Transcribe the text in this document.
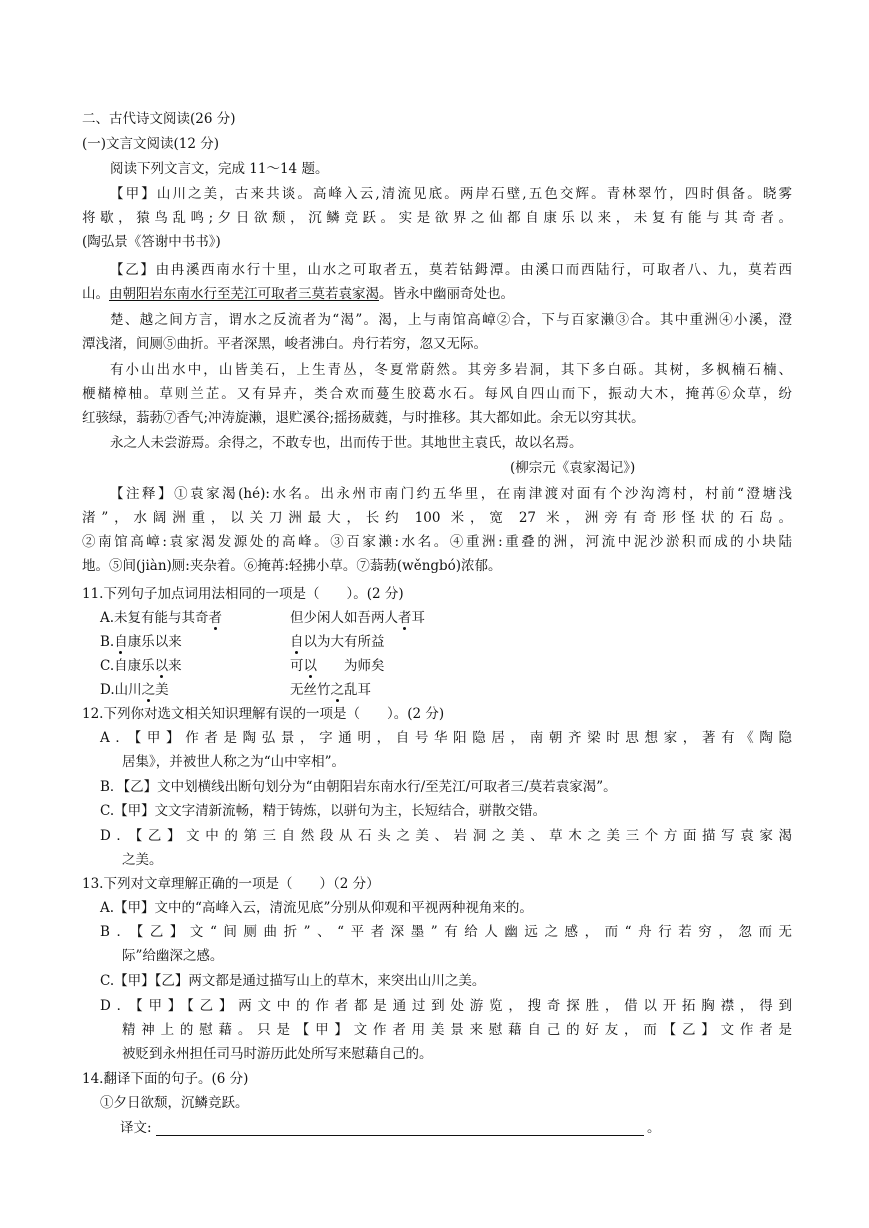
二、古代诗文阅读(26 分)
(一)文言文阅读(12 分)
阅读下列文言文，完成 11～14 题。
【甲】山川之美，古来共谈。高峰入云,清流见底。两岸石壁,五色交辉。青林翠竹，四时俱备。晓雾
将歇，猿鸟乱鸣;夕日欲颓，沉鳞竞跃。实是欲界之仙都自康乐以来，未复有能与其奇者。
(陶弘景《答谢中书书》)
【乙】由冉溪西南水行十里，山水之可取者五，莫若钴鉧潭。由溪口而西陆行，可取者八、九，莫若西
山。由朝阳岩东南水行至芜江可取者三莫若袁家渴。皆永中幽丽奇处也。
楚、越之间方言，谓水之反流者为“渴”。渴，上与南馆高嶂②合，下与百家濑③合。其中重洲④小溪，澄
潭浅渚，间厕⑤曲折。平者深黑，峻者沸白。舟行若穷，忽又无际。
有小山出水中，山皆美石，上生青丛，冬夏常蔚然。其旁多岩洞，其下多白砾。其树，多枫楠石楠、
楩槠樟柚。草则兰芷。又有异卉，类合欢而蔓生胶葛水石。每风自四山而下，振动大木，掩苒⑥众草，纷
红骇绿，蓊葧⑦香气;冲涛旋濑，退贮溪谷;摇扬葳蕤，与时推移。其大都如此。余无以穷其状。
永之人未尝游焉。余得之，不敢专也，出而传于世。其地世主袁氏，故以名焉。
(柳宗元《袁家渴记》)
【注释】①袁家渴(hé):水名。出永州市南门约五华里，在南津渡对面有个沙沟湾村，村前“澄塘浅
渚”，水阔洲重，以关刀洲最大，长约 100 米，宽 27 米，洲旁有奇形怪状的石岛。
②南馆高嶂:袁家渴发源处的高峰。③百家濑:水名。④重洲:重叠的洲，河流中泥沙淤积而成的小块陆
地。⑤间(jiàn)厕:夹杂着。⑥掩苒:轻拂小草。⑦蓊葧(wěngbó)浓郁。
11.下列句子加点词用法相同的一项是（　　）。(2 分)
A.未复有能与其奇者	但少闲人如吾两人者耳
B.自康乐以来	自以为大有所益
C.自康乐以来	可以　　为师矣
D.山川之美	无丝竹之乱耳
12.下列你对选文相关知识理解有误的一项是（　　）。(2 分)
A．【甲】作者是陶弘景，字通明，自号华阳隐居，南朝齐梁时思想家，著有《陶隐
居集》，并被世人称之为“山中宰相”。
B．【乙】文中划横线出断句划分为“由朝阳岩东南水行/至芜江/可取者三/莫若袁家渴”。
C.【甲】文文字清新流畅，精于铸炼，以骈句为主，长短结合，骈散交错。
D．【乙】文中的第三自然段从石头之美、岩洞之美、草木之美三个方面描写袁家渴
之美。
13.下列对文章理解正确的一项是（　　）（2 分）
A.【甲】文中的“高峰入云，清流见底”分别从仰观和平视两种视角来的。
B．【乙】文“间厕曲折”、“平者深墨”有给人幽远之感，而“舟行若穷，忽而无
际”给幽深之感。
C.【甲】【乙】两文都是通过描写山上的草木，来突出山川之美。
D．【甲】【乙】两文中的作者都是通过到处游览，搜奇探胜，借以开拓胸襟，得到
精神上的慰藉。只是【甲】文作者用美景来慰藉自己的好友，而【乙】文作者是
被贬到永州担任司马时游历此处所写来慰藉自己的。
14.翻译下面的句子。(6 分)
①夕日欲颓，沉鳞竞跃。
译文:	。
